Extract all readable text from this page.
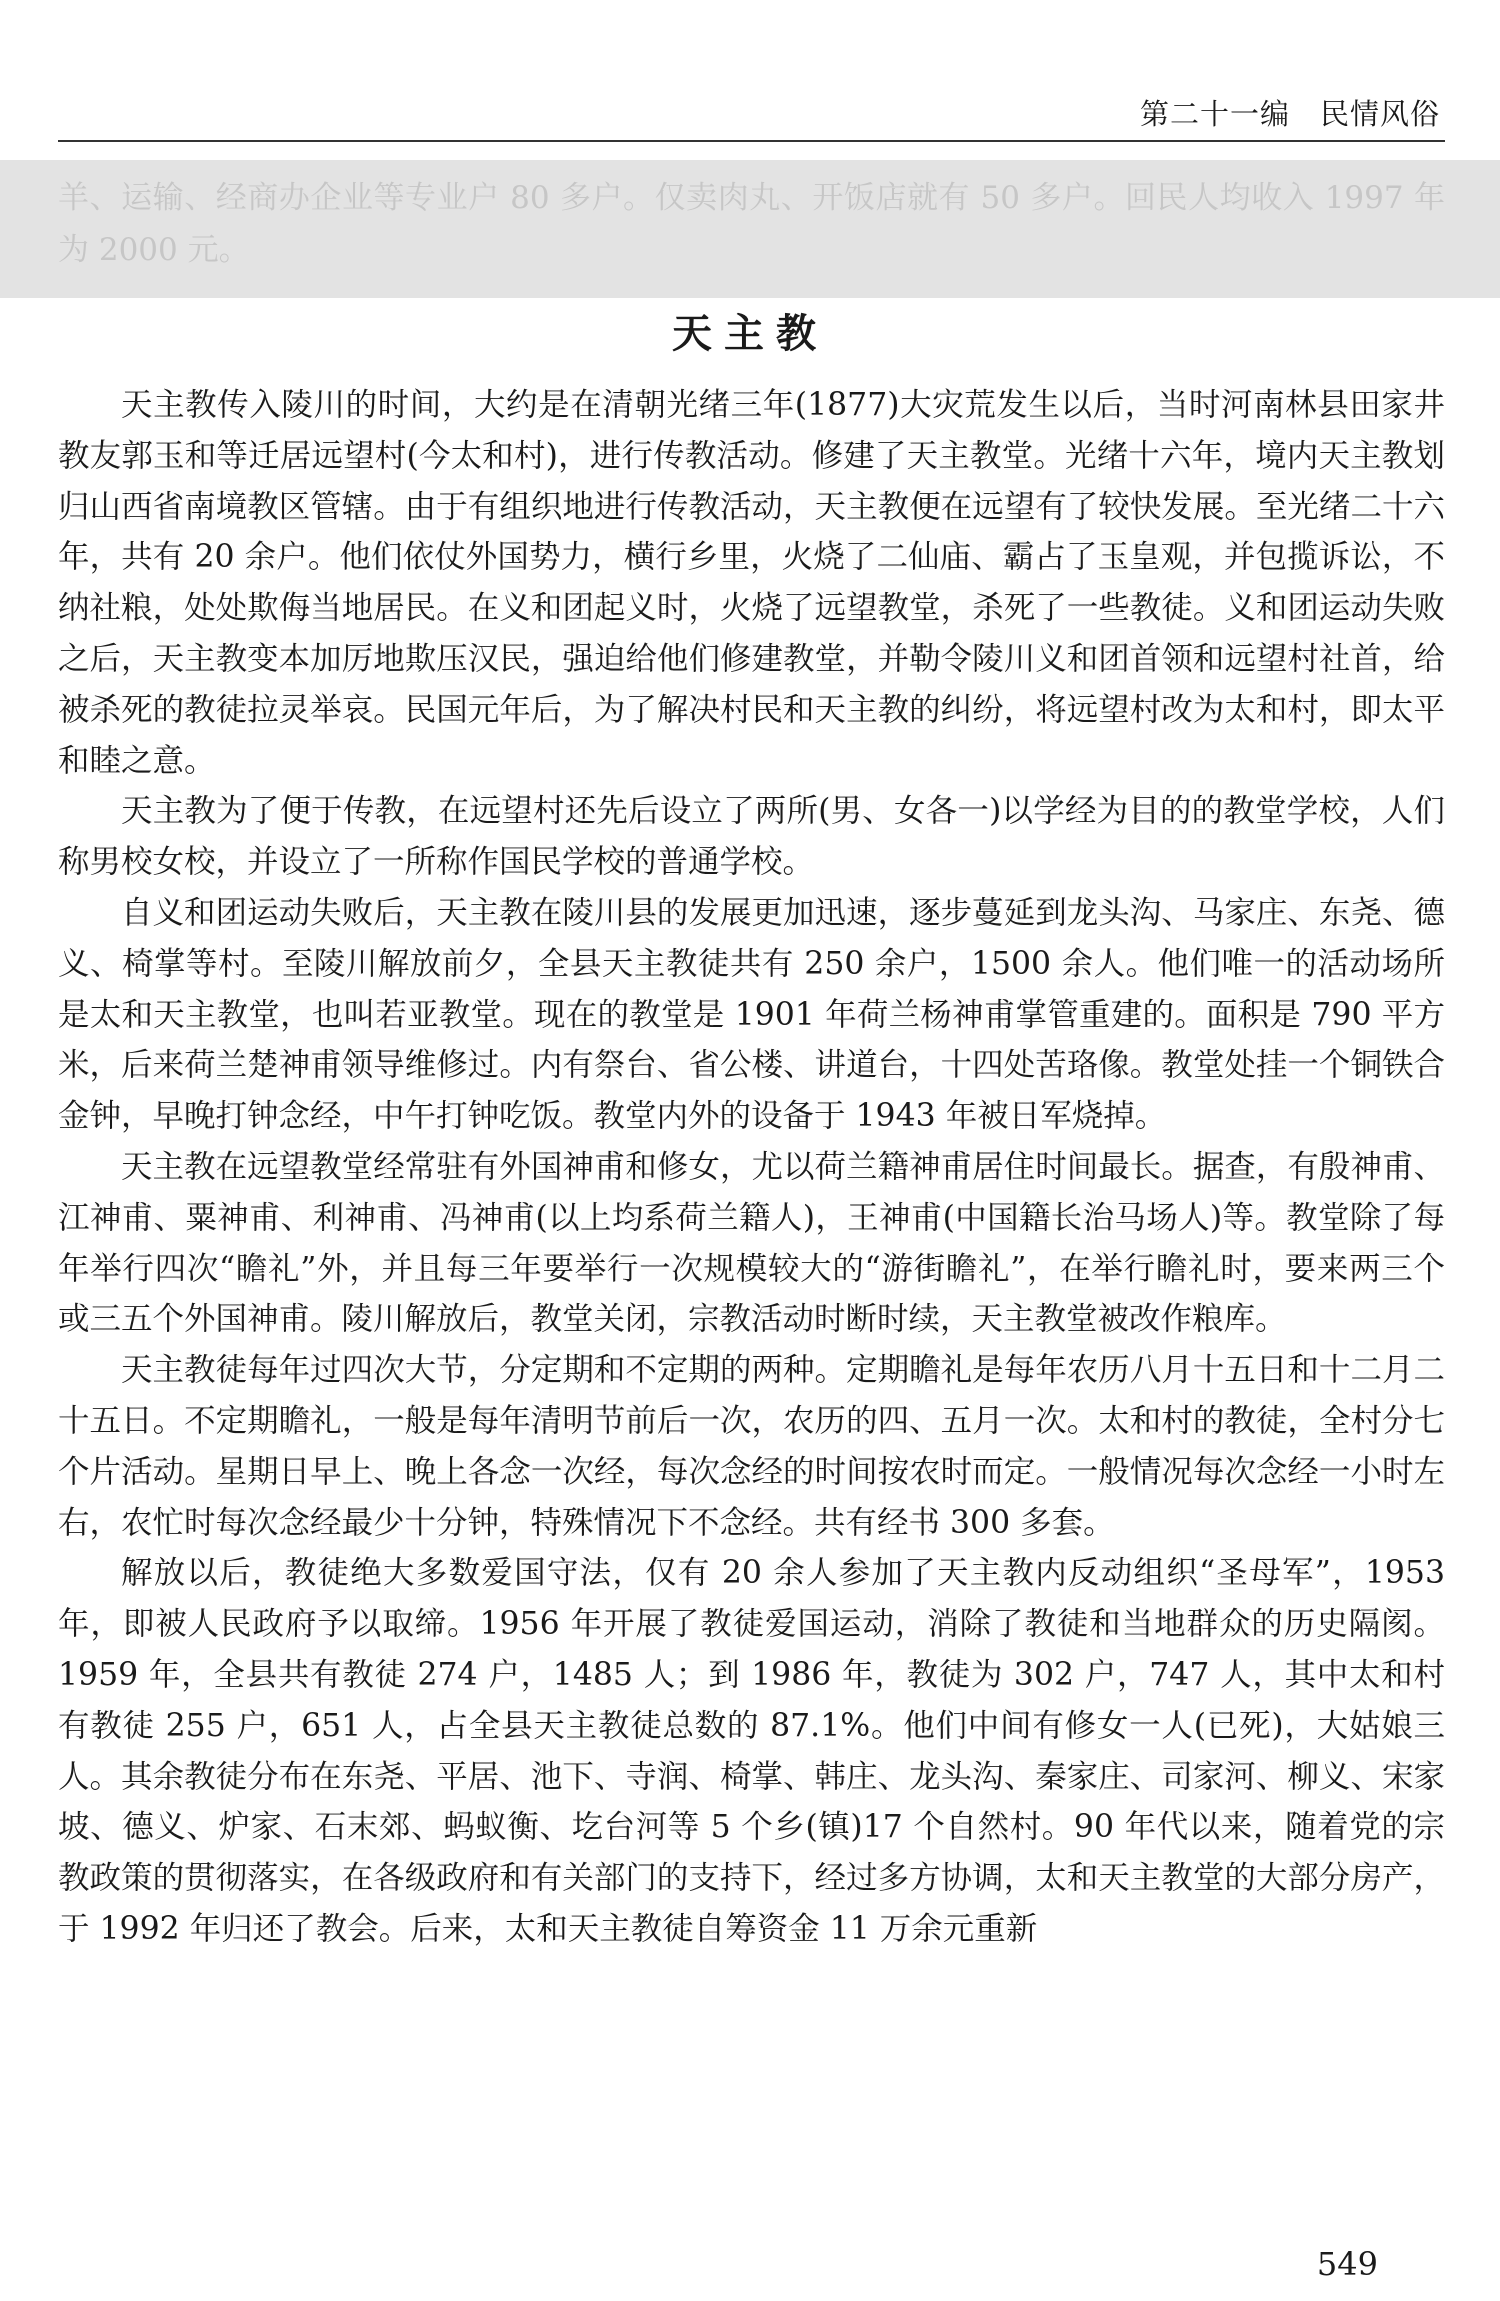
第二十一编　民情风俗
羊、运输、经商办企业等专业户 80 多户。仅卖肉丸、开饭店就有 50 多户。回民人均收入 1997 年为 2000 元。
天主教

天主教传入陵川的时间，大约是在清朝光绪三年(1877)大灾荒发生以后，当时河南林县田家井教友郭玉和等迁居远望村(今太和村)，进行传教活动。修建了天主教堂。光绪十六年，境内天主教划归山西省南境教区管辖。由于有组织地进行传教活动，天主教便在远望有了较快发展。至光绪二十六年，共有 20 余户。他们依仗外国势力，横行乡里，火烧了二仙庙、霸占了玉皇观，并包揽诉讼，不纳社粮，处处欺侮当地居民。在义和团起义时，火烧了远望教堂，杀死了一些教徒。义和团运动失败之后，天主教变本加厉地欺压汉民，强迫给他们修建教堂，并勒令陵川义和团首领和远望村社首，给被杀死的教徒拉灵举哀。民国元年后，为了解决村民和天主教的纠纷，将远望村改为太和村，即太平和睦之意。

天主教为了便于传教，在远望村还先后设立了两所(男、女各一)以学经为目的的教堂学校，人们称男校女校，并设立了一所称作国民学校的普通学校。

自义和团运动失败后，天主教在陵川县的发展更加迅速，逐步蔓延到龙头沟、马家庄、东尧、德义、椅掌等村。至陵川解放前夕，全县天主教徒共有 250 余户，1500 余人。他们唯一的活动场所是太和天主教堂，也叫若亚教堂。现在的教堂是 1901 年荷兰杨神甫掌管重建的。面积是 790 平方米，后来荷兰楚神甫领导维修过。内有祭台、省公楼、讲道台，十四处苦珞像。教堂处挂一个铜铁合金钟，早晚打钟念经，中午打钟吃饭。教堂内外的设备于 1943 年被日军烧掉。

天主教在远望教堂经常驻有外国神甫和修女，尤以荷兰籍神甫居住时间最长。据查，有殷神甫、江神甫、粟神甫、利神甫、冯神甫(以上均系荷兰籍人)，王神甫(中国籍长治马场人)等。教堂除了每年举行四次“瞻礼”外，并且每三年要举行一次规模较大的“游街瞻礼”，在举行瞻礼时，要来两三个或三五个外国神甫。陵川解放后，教堂关闭，宗教活动时断时续，天主教堂被改作粮库。

天主教徒每年过四次大节，分定期和不定期的两种。定期瞻礼是每年农历八月十五日和十二月二十五日。不定期瞻礼，一般是每年清明节前后一次，农历的四、五月一次。太和村的教徒，全村分七个片活动。星期日早上、晚上各念一次经，每次念经的时间按农时而定。一般情况每次念经一小时左右，农忙时每次念经最少十分钟，特殊情况下不念经。共有经书 300 多套。

解放以后，教徒绝大多数爱国守法，仅有 20 余人参加了天主教内反动组织“圣母军”，1953 年，即被人民政府予以取缔。1956 年开展了教徒爱国运动，消除了教徒和当地群众的历史隔阂。1959 年，全县共有教徒 274 户，1485 人；到 1986 年，教徒为 302 户，747 人，其中太和村有教徒 255 户，651 人，占全县天主教徒总数的 87.1%。他们中间有修女一人(已死)，大姑娘三人。其余教徒分布在东尧、平居、池下、寺润、椅掌、韩庄、龙头沟、秦家庄、司家河、柳义、宋家坡、德义、炉家、石末郊、蚂蚁衡、圪台河等 5 个乡(镇)17 个自然村。90 年代以来，随着党的宗教政策的贯彻落实，在各级政府和有关部门的支持下，经过多方协调，太和天主教堂的大部分房产，于 1992 年归还了教会。后来，太和天主教徒自筹资金 11 万余元重新

549
